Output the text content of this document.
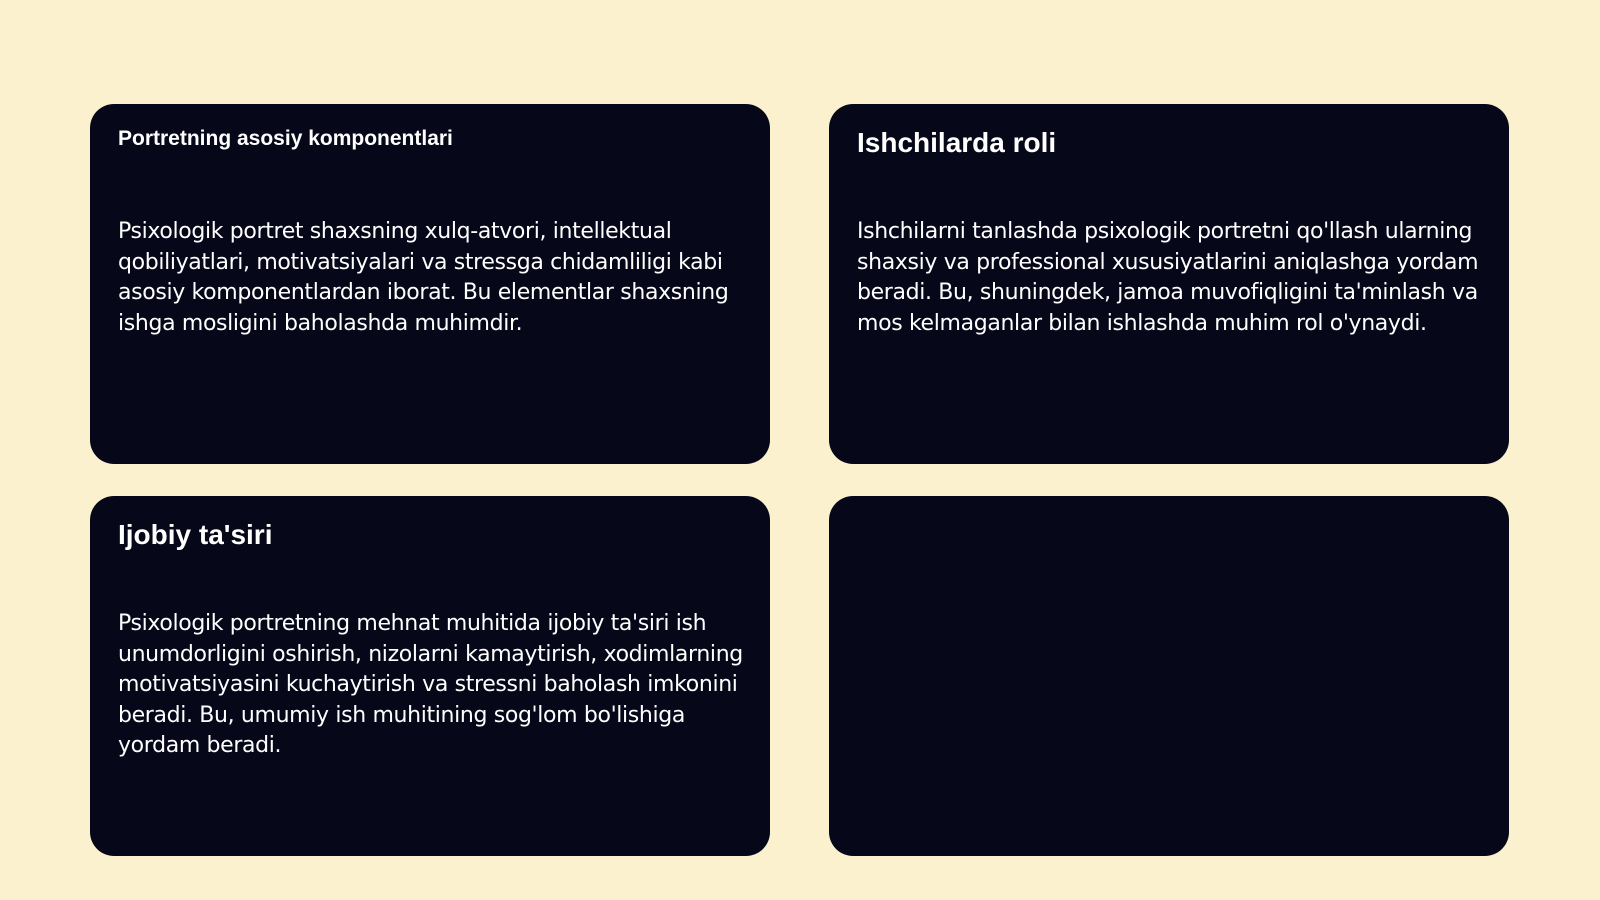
Portretning asosiy komponentlari

Psixologik portret shaxsning xulq-atvori, intellektual qobiliyatlari, motivatsiyalari va stressga chidamliligi kabi asosiy komponentlardan iborat. Bu elementlar shaxsning ishga mosligini baholashda muhimdir.

Ishchilarda roli

Ishchilarni tanlashda psixologik portretni qo'llash ularning shaxsiy va professional xususiyatlarini aniqlashga yordam beradi. Bu, shuningdek, jamoa muvofiqligini ta'minlash va mos kelmaganlar bilan ishlashda muhim rol o'ynaydi.

Ijobiy ta'siri

Psixologik portretning mehnat muhitida ijobiy ta'siri ish unumdorligini oshirish, nizolarni kamaytirish, xodimlarning motivatsiyasini kuchaytirish va stressni baholash imkonini beradi. Bu, umumiy ish muhitining sog'lom bo'lishiga yordam beradi.
